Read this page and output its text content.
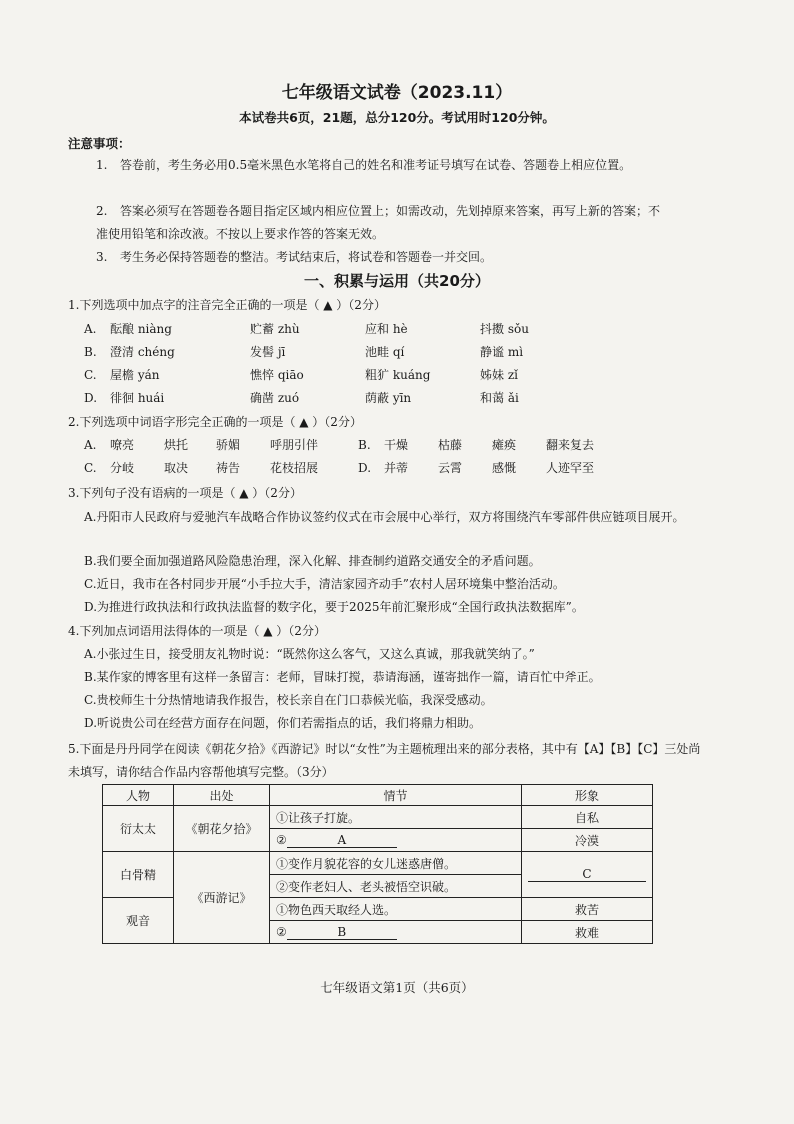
七年级语文试卷（2023.11）
本试卷共6页，21题，总分120分。考试用时120分钟。
注意事项：
1. 答卷前，考生务必用0.5毫米黑色水笔将自己的姓名和准考证号填写在试卷、答题卷上相应位置。
2. 答案必须写在答题卷各题目指定区域内相应位置上；如需改动，先划掉原来答案，再写上新的答案；不准使用铅笔和涂改液。不按以上要求作答的答案无效。
3. 考生务必保持答题卷的整洁。考试结束后，将试卷和答题卷一并交回。
一、积累与运用（共20分）
1.下列选项中加点字的注音完全正确的一项是（ ▲ ）（2分）
A.	酝酿 niàng	贮蓄 zhù	应和 hè	抖擞 sǒu
B.	澄清 chéng	发髻 jī	池畦 qí	静谧 mì
C.	屋檐 yán	憔悴 qiāo	粗犷 kuáng	姊妹 zǐ
D.	徘徊 huái	确凿 zuó	荫蔽 yīn	和蔼 ǎi
2.下列选项中词语字形完全正确的一项是（ ▲ ）（2分）
A.	嘹亮	烘托	骄媚	呼朋引伴	B.	干燥	枯藤	瘫痪	翻来复去
C.	分岐	取决	祷告	花枝招展	D.	并蒂	云霄	感慨	人迹罕至
3.下列句子没有语病的一项是（ ▲ ）（2分）
A.丹阳市人民政府与爱驰汽车战略合作协议签约仪式在市会展中心举行，双方将围绕汽车零部件供应链项目展开。
B.我们要全面加强道路风险隐患治理，深入化解、排查制约道路交通安全的矛盾问题。
C.近日，我市在各村同步开展“小手拉大手，清洁家园齐动手”农村人居环境集中整治活动。
D.为推进行政执法和行政执法监督的数字化，要于2025年前汇聚形成“全国行政执法数据库”。
4.下列加点词语用法得体的一项是（ ▲ ）（2分）
A.小张过生日，接受朋友礼物时说：“既然你这么客气，又这么真诚，那我就笑纳了。”
B.某作家的博客里有这样一条留言：老师，冒昧打搅，恭请海涵，谨寄拙作一篇，请百忙中斧正。
C.贵校师生十分热情地请我作报告，校长亲自在门口恭候光临，我深受感动。
D.听说贵公司在经营方面存在问题，你们若需指点的话，我们将鼎力相助。
5.下面是丹丹同学在阅读《朝花夕拾》《西游记》时以“女性”为主题梳理出来的部分表格，其中有【A】【B】【C】三处尚未填写，请你结合作品内容帮他填写完整。（3分）
人物	出处	情节	形象
衍太太	《朝花夕拾》	①让孩子打旋。	自私
		② A	冷漠
白骨精	《西游记》	①变作月貌花容的女儿迷惑唐僧。	C
		②变作老妇人、老头被悟空识破。	
观音		①物色西天取经人选。	救苦
		② B	救难
七年级语文第1页（共6页）
